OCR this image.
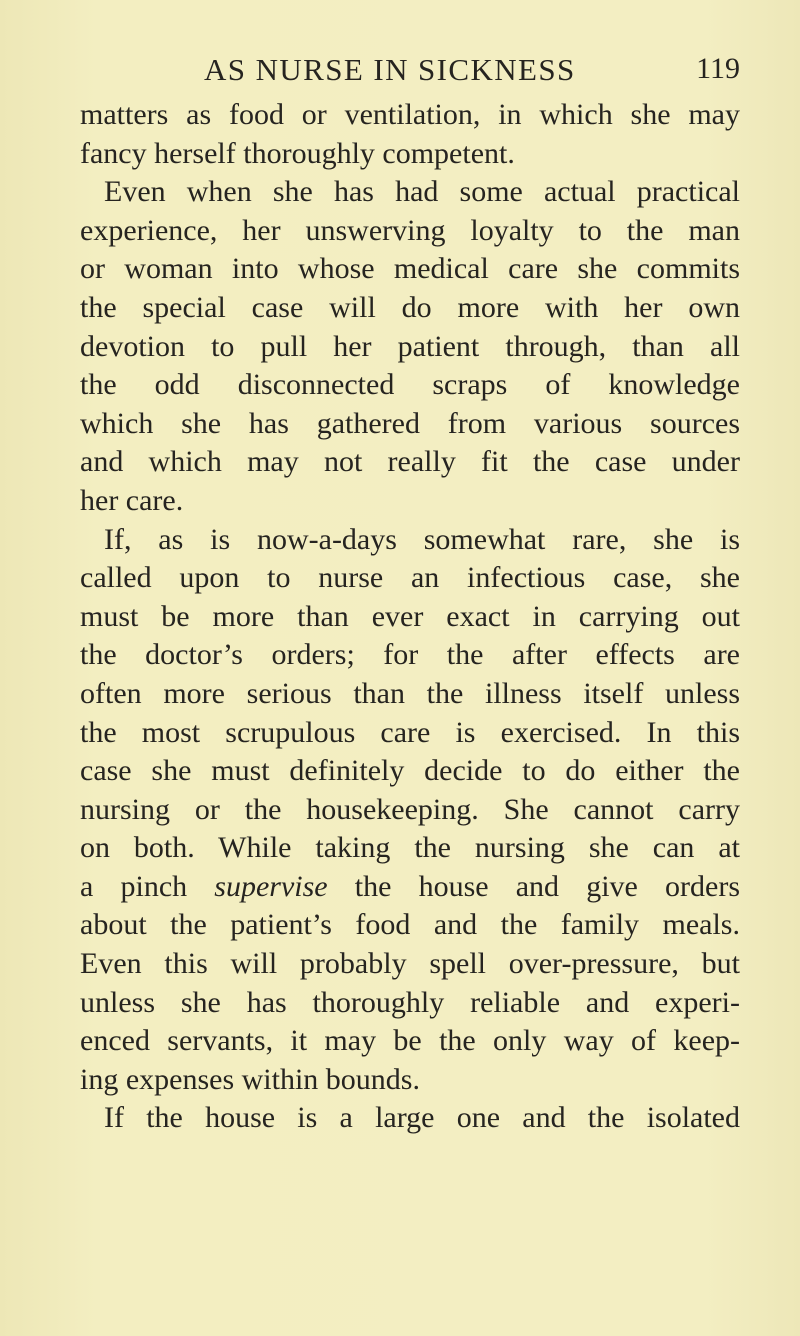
AS NURSE IN SICKNESS	119
matters as food or ventilation, in which she may
fancy herself thoroughly competent.
Even when she has had some actual practical
experience, her unswerving loyalty to the man
or woman into whose medical care she commits
the special case will do more with her own
devotion to pull her patient through, than all
the odd disconnected scraps of knowledge
which she has gathered from various sources
and which may not really fit the case under
her care.
If, as is now-a-days somewhat rare, she is
called upon to nurse an infectious case, she
must be more than ever exact in carrying out
the doctor’s orders; for the after effects are
often more serious than the illness itself unless
the most scrupulous care is exercised. In this
case she must definitely decide to do either the
nursing or the housekeeping. She cannot carry
on both. While taking the nursing she can at
a pinch supervise the house and give orders
about the patient’s food and the family meals.
Even this will probably spell over-pressure, but
unless she has thoroughly reliable and experi-
enced servants, it may be the only way of keep-
ing expenses within bounds.
If the house is a large one and the isolated
